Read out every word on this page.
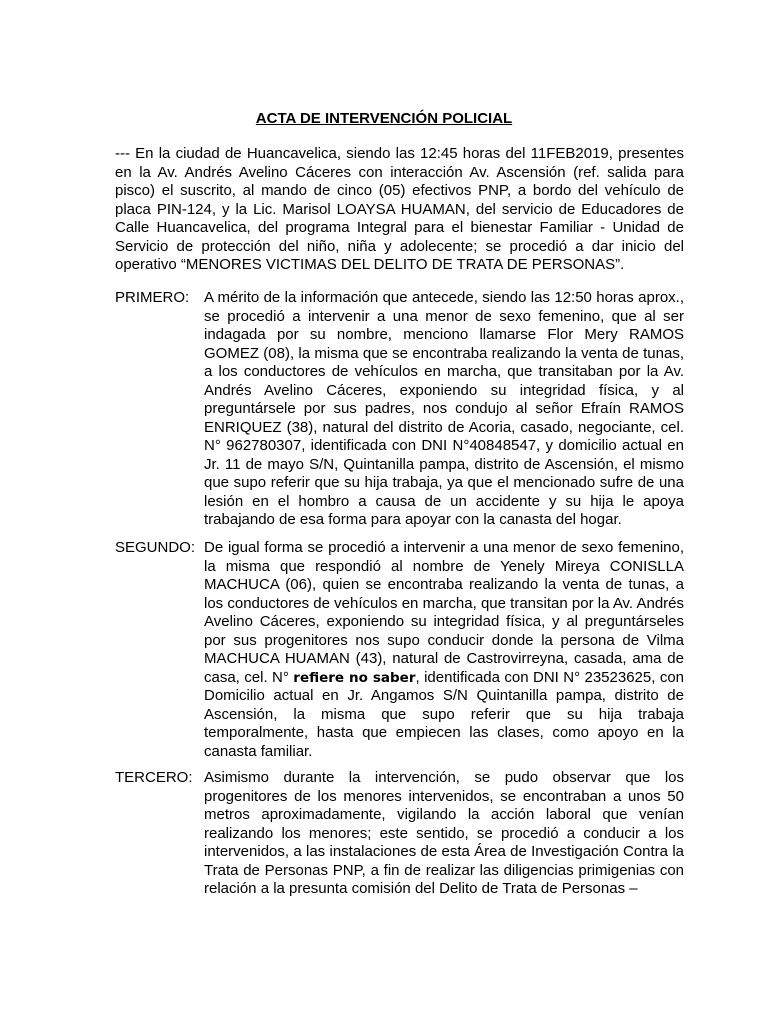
ACTA DE INTERVENCIÓN POLICIAL

--- En la ciudad de Huancavelica, siendo las 12:45 horas del 11FEB2019, presentes en la Av. Andrés Avelino Cáceres con interacción Av. Ascensión (ref. salida para pisco) el suscrito, al mando de cinco (05) efectivos PNP, a bordo del vehículo de placa PIN-124, y la Lic. Marisol LOAYSA HUAMAN, del servicio de Educadores de Calle Huancavelica, del programa Integral para el bienestar Familiar - Unidad de Servicio de protección del niño, niña y adolecente; se procedió a dar inicio del operativo “MENORES VICTIMAS DEL DELITO DE TRATA DE PERSONAS”.

PRIMERO: A mérito de la información que antecede, siendo las 12:50 horas aprox., se procedió a intervenir a una menor de sexo femenino, que al ser indagada por su nombre, menciono llamarse Flor Mery RAMOS GOMEZ (08), la misma que se encontraba realizando la venta de tunas, a los conductores de vehículos en marcha, que transitaban por la Av. Andrés Avelino Cáceres, exponiendo su integridad física, y al preguntársele por sus padres, nos condujo al señor Efraín RAMOS ENRIQUEZ (38), natural del distrito de Acoria, casado, negociante, cel. N° 962780307, identificada con DNI N°40848547, y domicilio actual en Jr. 11 de mayo S/N, Quintanilla pampa, distrito de Ascensión, el mismo que supo referir que su hija trabaja, ya que el mencionado sufre de una lesión en el hombro a causa de un accidente y su hija le apoya trabajando de esa forma para apoyar con la canasta del hogar.

SEGUNDO: De igual forma se procedió a intervenir a una menor de sexo femenino, la misma que respondió al nombre de Yenely Mireya CONISLLA MACHUCA (06), quien se encontraba realizando la venta de tunas, a los conductores de vehículos en marcha, que transitan por la Av. Andrés Avelino Cáceres, exponiendo su integridad física, y al preguntárseles por sus progenitores nos supo conducir donde la persona de Vilma MACHUCA HUAMAN (43), natural de Castrovirreyna, casada, ama de casa, cel. N° refiere no saber, identificada con DNI N° 23523625, con Domicilio actual en Jr. Angamos S/N Quintanilla pampa, distrito de Ascensión, la misma que supo referir que su hija trabaja temporalmente, hasta que empiecen las clases, como apoyo en la canasta familiar.

TERCERO: Asimismo durante la intervención, se pudo observar que los progenitores de los menores intervenidos, se encontraban a unos 50 metros aproximadamente, vigilando la acción laboral que venían realizando los menores; este sentido, se procedió a conducir a los intervenidos, a las instalaciones de esta Área de Investigación Contra la Trata de Personas PNP, a fin de realizar las diligencias primigenias con relación a la presunta comisión del Delito de Trata de Personas –
